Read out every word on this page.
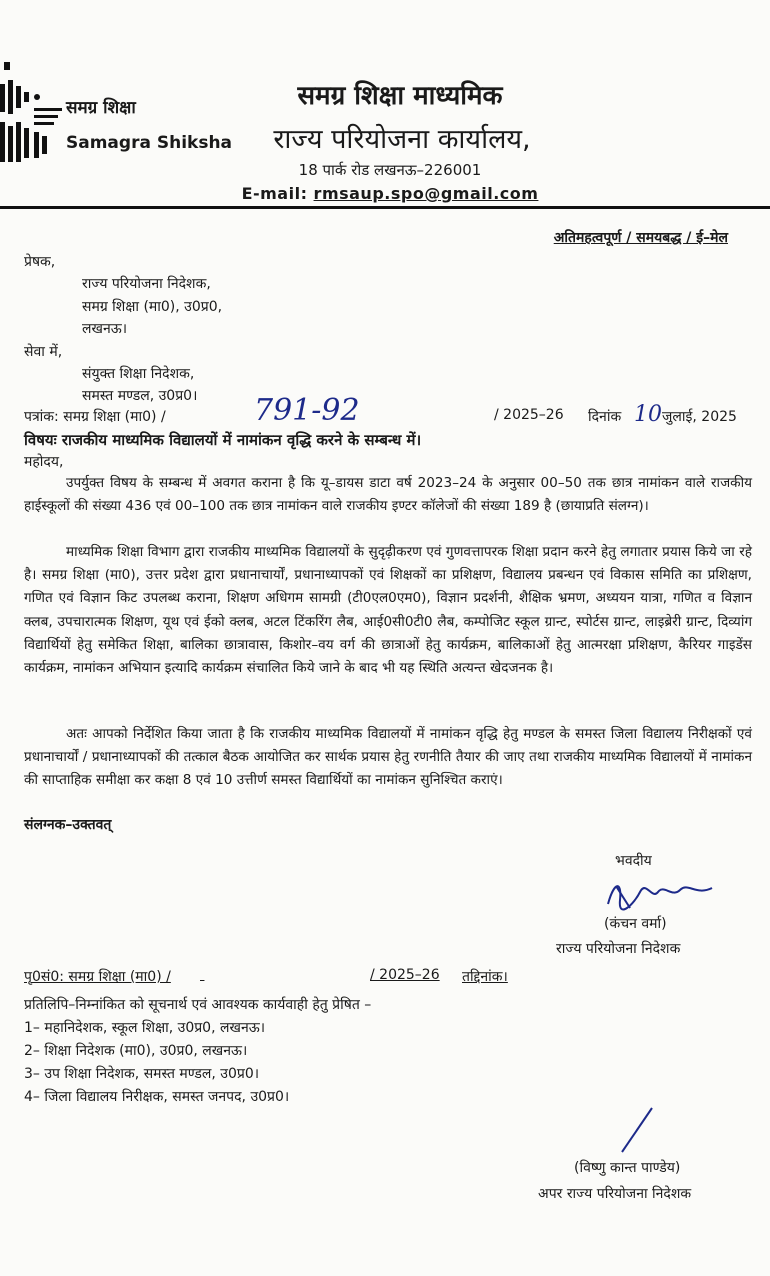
समग्र शिक्षा
Samagra Shiksha
समग्र शिक्षा माध्यमिक
राज्य परियोजना कार्यालय,
18 पार्क रोड लखनऊ–226001
E-mail: rmsaup.spo@gmail.com
अतिमहत्वपूर्ण / समयबद्ध / ई–मेल
प्रेषक,
राज्य परियोजना निदेशक,
समग्र शिक्षा (मा0), उ0प्र0,
लखनऊ।
सेवा में,
संयुक्त शिक्षा निदेशक,
समस्त मण्डल, उ0प्र0।
पत्रांक: समग्र शिक्षा (मा0) /	791-92	/ 2025–26 दिनांक 10 जुलाई, 2025
विषयः राजकीय माध्यमिक विद्यालयों में नामांकन वृद्धि करने के सम्बन्ध में।
महोदय,
उपर्युक्त विषय के सम्बन्ध में अवगत कराना है कि यू–डायस डाटा वर्ष 2023–24 के अनुसार 00–50 तक छात्र नामांकन वाले राजकीय हाईस्कूलों की संख्या 436 एवं 00–100 तक छात्र नामांकन वाले राजकीय इण्टर कॉलेजों की संख्या 189 है (छायाप्रति संलग्न)।
माध्यमिक शिक्षा विभाग द्वारा राजकीय माध्यमिक विद्यालयों के सुदृढ़ीकरण एवं गुणवत्तापरक शिक्षा प्रदान करने हेतु लगातार प्रयास किये जा रहे है। समग्र शिक्षा (मा0), उत्तर प्रदेश द्वारा प्रधानाचार्यों, प्रधानाध्यापकों एवं शिक्षकों का प्रशिक्षण, विद्यालय प्रबन्धन एवं विकास समिति का प्रशिक्षण, गणित एवं विज्ञान किट उपलब्ध कराना, शिक्षण अधिगम सामग्री (टी0एल0एम0), विज्ञान प्रदर्शनी, शैक्षिक भ्रमण, अध्ययन यात्रा, गणित व विज्ञान क्लब, उपचारात्मक शिक्षण, यूथ एवं ईको क्लब, अटल टिंकरिंग लैब, आई0सी0टी0 लैब, कम्पोजिट स्कूल ग्रान्ट, स्पोर्टस ग्रान्ट, लाइब्रेरी ग्रान्ट, दिव्यांग विद्यार्थियों हेतु समेकित शिक्षा, बालिका छात्रावास, किशोर–वय वर्ग की छात्राओं हेतु कार्यक्रम, बालिकाओं हेतु आत्मरक्षा प्रशिक्षण, कैरियर गाइडेंस कार्यक्रम, नामांकन अभियान इत्यादि कार्यक्रम संचालित किये जाने के बाद भी यह स्थिति अत्यन्त खेदजनक है।
अतः आपको निर्देशित किया जाता है कि राजकीय माध्यमिक विद्यालयों में नामांकन वृद्धि हेतु मण्डल के समस्त जिला विद्यालय निरीक्षकों एवं प्रधानाचार्यों / प्रधानाध्यापकों की तत्काल बैठक आयोजित कर सार्थक प्रयास हेतु रणनीति तैयार की जाए तथा राजकीय माध्यमिक विद्यालयों में नामांकन की साप्ताहिक समीक्षा कर कक्षा 8 एवं 10 उत्तीर्ण समस्त विद्यार्थियों का नामांकन सुनिश्चित कराएं।
संलग्नक–उक्तवत्
भवदीय
(कंचन वर्मा)
राज्य परियोजना निदेशक
पृ0सं0: समग्र शिक्षा (मा0) /
	/ 2025–26 तद्दिनांक।
प्रतिलिपि–निम्नांकित को सूचनार्थ एवं आवश्यक कार्यवाही हेतु प्रेषित –
1– महानिदेशक, स्कूल शिक्षा, उ0प्र0, लखनऊ।
2– शिक्षा निदेशक (मा0), उ0प्र0, लखनऊ।
3– उप शिक्षा निदेशक, समस्त मण्डल, उ0प्र0।
4– जिला विद्यालय निरीक्षक, समस्त जनपद, उ0प्र0।
(विष्णु कान्त पाण्डेय)
अपर राज्य परियोजना निदेशक
